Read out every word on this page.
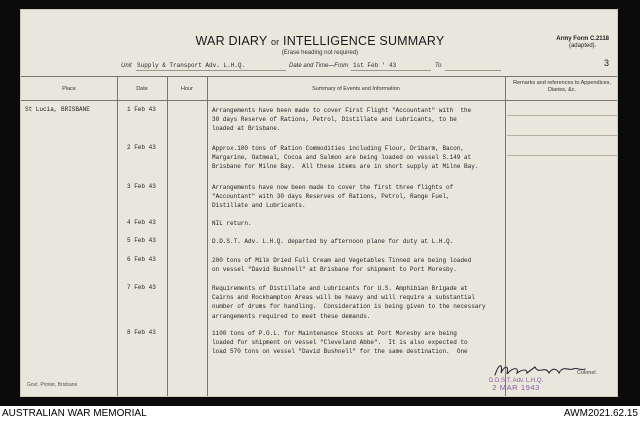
WAR DIARY or INTELLIGENCE SUMMARY
(Erase heading not required)
Army Form C.2118
(adapted).
Unit Supply & Transport Adv. L.H.Q.	Date and Time—From 1st Feb ' 43	To	3
Place	Date	Hour	Summary of Events and Information
Remarks and references to Appendices, Diaries, &c.
St Lucia, BRISBANE	1 Feb 43	Arrangements have been made to cover First Flight "Accountant" with  the
30 days Reserve of Rations, Petrol, Distillate and Lubricants, to be
loaded at Brisbane.
2 Feb 43	Approx.100 tons of Ration Commodities including Flour, Dribarm, Bacon,
Margarine, Oatmeal, Cocoa and Salmon are being loaded on vessel S.149 at
Brisbane for Milne Bay.  All these items are in short supply at Milne Bay.
3 Feb 43	Arrangements have now been made to cover the first three flights of
"Accountant" with 30 days Reserves of Rations, Petrol, Range Fuel,
Distillate and Lubricants.
4 Feb 43	NIL return.
5 Feb 43	D.D.S.T. Adv. L.H.Q. departed by afternoon plane for duty at L.H.Q.
6 Feb 43	200 tons of Milk Dried Full Cream and Vegetables Tinned are being loaded
on vessel "David Bushnell" at Brisbane for shipment to Port Moresby.
7 Feb 43	Requirements of Distillate and Lubricants for U.S. Amphibian Brigade at
Cairns and Rockhampton Areas will be heavy and will require a substantial
number of drums for handling.  Consideration is being given to the necessary
arrangements required to meet these demands.
8 Feb 43	1100 tons of P.O.L. for Maintenance Stocks at Port Moresby are being
loaded for shipment on vessel "Cleveland Abbe".  It is also expected to
load 570 tons on vessel "David Bushnell" for the same destination.  One
Govt. Printer, Brisbane
Colonel.
D.D.S.T. Adv. L.H.Q.
2 MAR 1943
AUSTRALIAN WAR MEMORIAL	AWM2021.62.15
